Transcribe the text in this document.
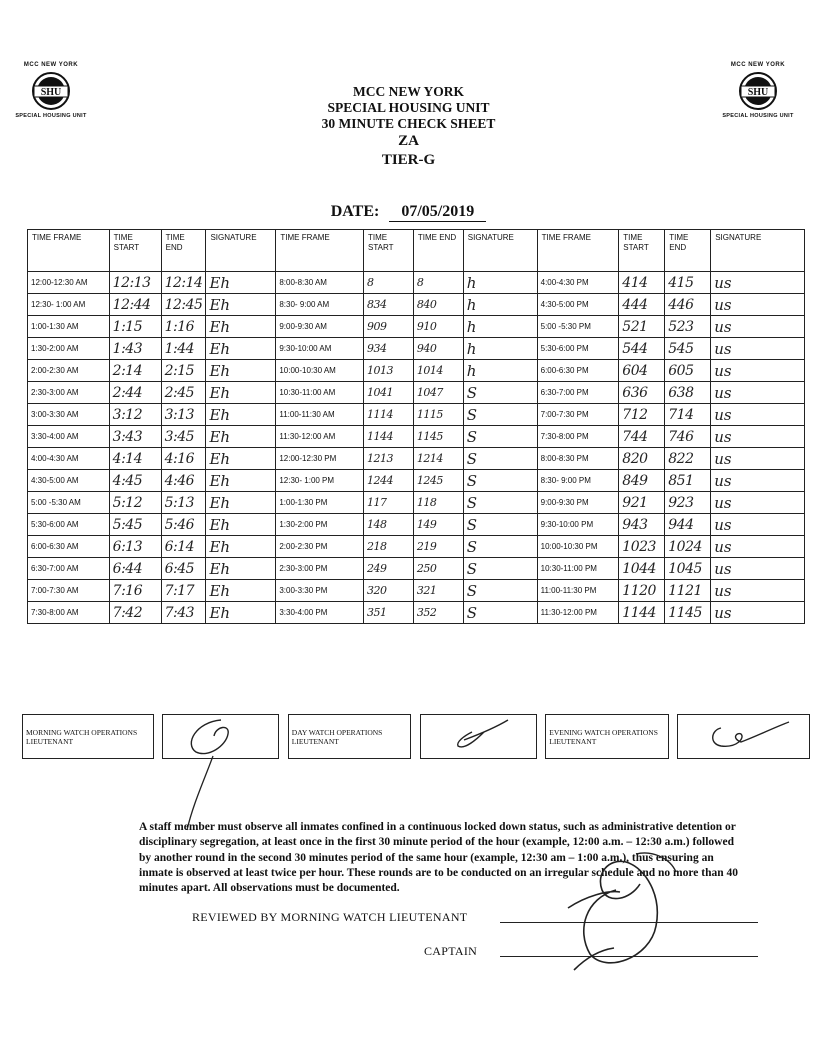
MCC NEW YORK
SHU
SPECIAL HOUSING UNIT
MCC NEW YORK
SHU
SPECIAL HOUSING UNIT
MCC NEW YORK
SPECIAL HOUSING UNIT
30 MINUTE CHECK SHEET
ZA
TIER-G
DATE: 07/05/2019
TIME FRAME	TIME START	TIME END	SIGNATURE	TIME FRAME	TIME START	TIME END	SIGNATURE	TIME FRAME	TIME START	TIME END	SIGNATURE
12:00-12:30 AM	12:13	12:14	Eh	8:00-8:30 AM	8	8	h	4:00-4:30 PM	414	415	us
12:30- 1:00 AM	12:44	12:45	Eh	8:30- 9:00 AM	834	840	h	4:30-5:00 PM	444	446	us
1:00-1:30 AM	1:15	1:16	Eh	9:00-9:30 AM	909	910	h	5:00 -5:30 PM	521	523	us
1:30-2:00 AM	1:43	1:44	Eh	9:30-10:00 AM	934	940	h	5:30-6:00 PM	544	545	us
2:00-2:30 AM	2:14	2:15	Eh	10:00-10:30 AM	1013	1014	h	6:00-6:30 PM	604	605	us
2:30-3:00 AM	2:44	2:45	Eh	10:30-11:00 AM	1041	1047	S	6:30-7:00 PM	636	638	us
3:00-3:30 AM	3:12	3:13	Eh	11:00-11:30 AM	1114	1115	S	7:00-7:30 PM	712	714	us
3:30-4:00 AM	3:43	3:45	Eh	11:30-12:00 AM	1144	1145	S	7:30-8:00 PM	744	746	us
4:00-4:30 AM	4:14	4:16	Eh	12:00-12:30 PM	1213	1214	S	8:00-8:30 PM	820	822	us
4:30-5:00 AM	4:45	4:46	Eh	12:30- 1:00 PM	1244	1245	S	8:30- 9:00 PM	849	851	us
5:00 -5:30 AM	5:12	5:13	Eh	1:00-1:30 PM	117	118	S	9:00-9:30 PM	921	923	us
5:30-6:00 AM	5:45	5:46	Eh	1:30-2:00 PM	148	149	S	9:30-10:00 PM	943	944	us
6:00-6:30 AM	6:13	6:14	Eh	2:00-2:30 PM	218	219	S	10:00-10:30 PM	1023	1024	us
6:30-7:00 AM	6:44	6:45	Eh	2:30-3:00 PM	249	250	S	10:30-11:00 PM	1044	1045	us
7:00-7:30 AM	7:16	7:17	Eh	3:00-3:30 PM	320	321	S	11:00-11:30 PM	1120	1121	us
7:30-8:00 AM	7:42	7:43	Eh	3:30-4:00 PM	351	352	S	11:30-12:00 PM	1144	1145	us
MORNING WATCH OPERATIONS LIEUTENANT				DAY WATCH OPERATIONS LIEUTENANT				EVENING WATCH OPERATIONS LIEUTENANT		
A staff member must observe all inmates confined in a continuous locked down status, such as administrative detention or disciplinary segregation, at least once in the first 30 minute period of the hour (example, 12:00 a.m. – 12:30 a.m.) followed by another round in the second 30 minutes period of the same hour (example, 12:30 am – 1:00 a.m.), thus ensuring an inmate is observed at least twice per hour. These rounds are to be conducted on an irregular schedule and no more than 40 minutes apart. All observations must be documented.
REVIEWED BY MORNING WATCH LIEUTENANT
CAPTAIN
